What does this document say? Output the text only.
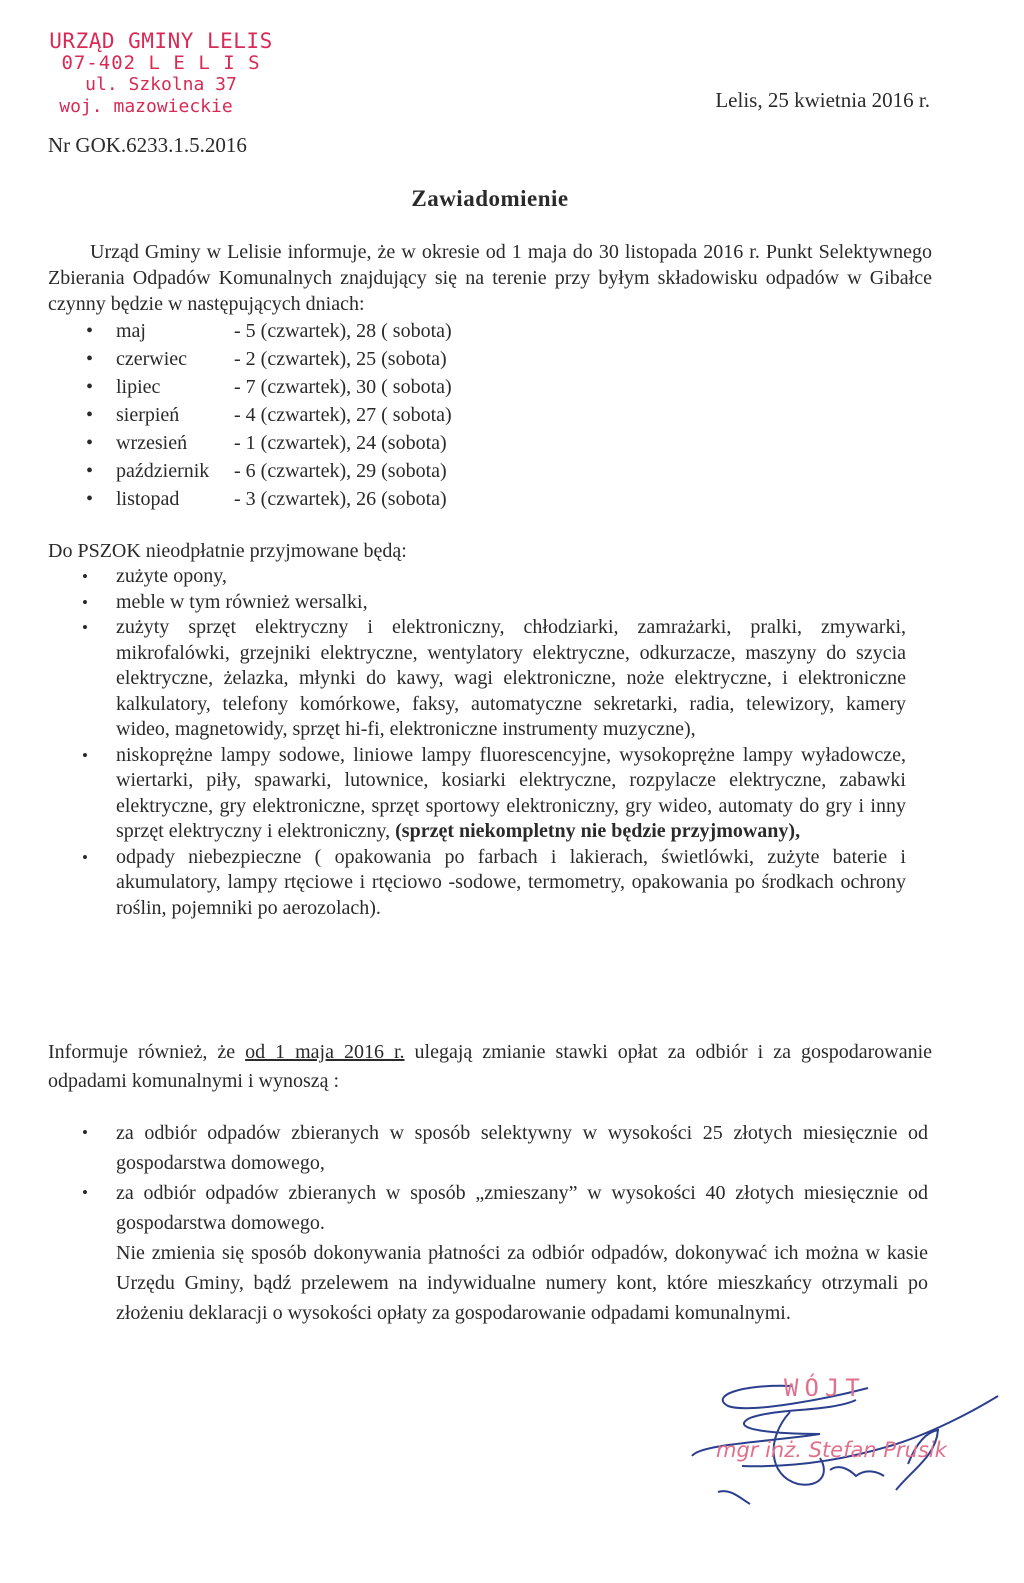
URZĄD GMINY LELIS
07-402 L E L I S
ul. Szkolna 37
woj. mazowieckie	Lelis, 25 kwietnia 2016 r.
Nr GOK.6233.1.5.2016
Zawiadomienie

Urząd Gminy w Lelisie informuje, że w okresie od 1 maja do 30 listopada 2016 r. Punkt Selektywnego Zbierania Odpadów Komunalnych znajdujący się na terenie przy byłym składowisku odpadów w Gibałce czynny będzie w następujących dniach:

• maj	- 5 (czwartek), 28 ( sobota)
• czerwiec - 2 (czwartek), 25 (sobota)
• lipiec	- 7 (czwartek), 30 ( sobota)
• sierpień	- 4 (czwartek), 27 ( sobota)
• wrzesień - 1 (czwartek), 24 (sobota)
• październik - 6 (czwartek), 29 (sobota)
• listopad	- 3 (czwartek), 26 (sobota)
Do PSZOK nieodpłatnie przyjmowane będą:
• zużyte opony,
• meble w tym również wersalki,
• zużyty sprzęt elektryczny i elektroniczny, chłodziarki, zamrażarki, pralki, zmywarki, mikrofalówki, grzejniki elektryczne, wentylatory elektryczne, odkurzacze, maszyny do szycia elektryczne, żelazka, młynki do kawy, wagi elektroniczne, noże elektryczne, i elektroniczne kalkulatory, telefony komórkowe, faksy, automatyczne sekretarki, radia, telewizory, kamery wideo, magnetowidy, sprzęt hi-fi, elektroniczne instrumenty muzyczne),
• niskoprężne lampy sodowe, liniowe lampy fluorescencyjne, wysokoprężne lampy wyładowcze, wiertarki, piły, spawarki, lutownice, kosiarki elektryczne, rozpylacze elektryczne, zabawki elektryczne, gry elektroniczne, sprzęt sportowy elektroniczny, gry wideo, automaty do gry i inny sprzęt elektryczny i elektroniczny, (sprzęt niekompletny nie będzie przyjmowany),
• odpady niebezpieczne ( opakowania po farbach i lakierach, świetlówki, zużyte baterie i akumulatory, lampy rtęciowe i rtęciowo -sodowe, termometry, opakowania po środkach ochrony roślin, pojemniki po aerozolach).
Informuje również, że od 1 maja 2016 r. ulegają zmianie stawki opłat za odbiór i za gospodarowanie odpadami komunalnymi i wynoszą :
• za odbiór odpadów zbieranych w sposób selektywny w wysokości 25 złotych miesięcznie od gospodarstwa domowego,
• za odbiór odpadów zbieranych w sposób „zmieszany” w wysokości 40 złotych miesięcznie od gospodarstwa domowego.
Nie zmienia się sposób dokonywania płatności za odbiór odpadów, dokonywać ich można w kasie Urzędu Gminy, bądź przelewem na indywidualne numery kont, które mieszkańcy otrzymali po złożeniu deklaracji o wysokości opłaty za gospodarowanie odpadami komunalnymi.
WÓJT
mgr inż. Stefan Prusik
